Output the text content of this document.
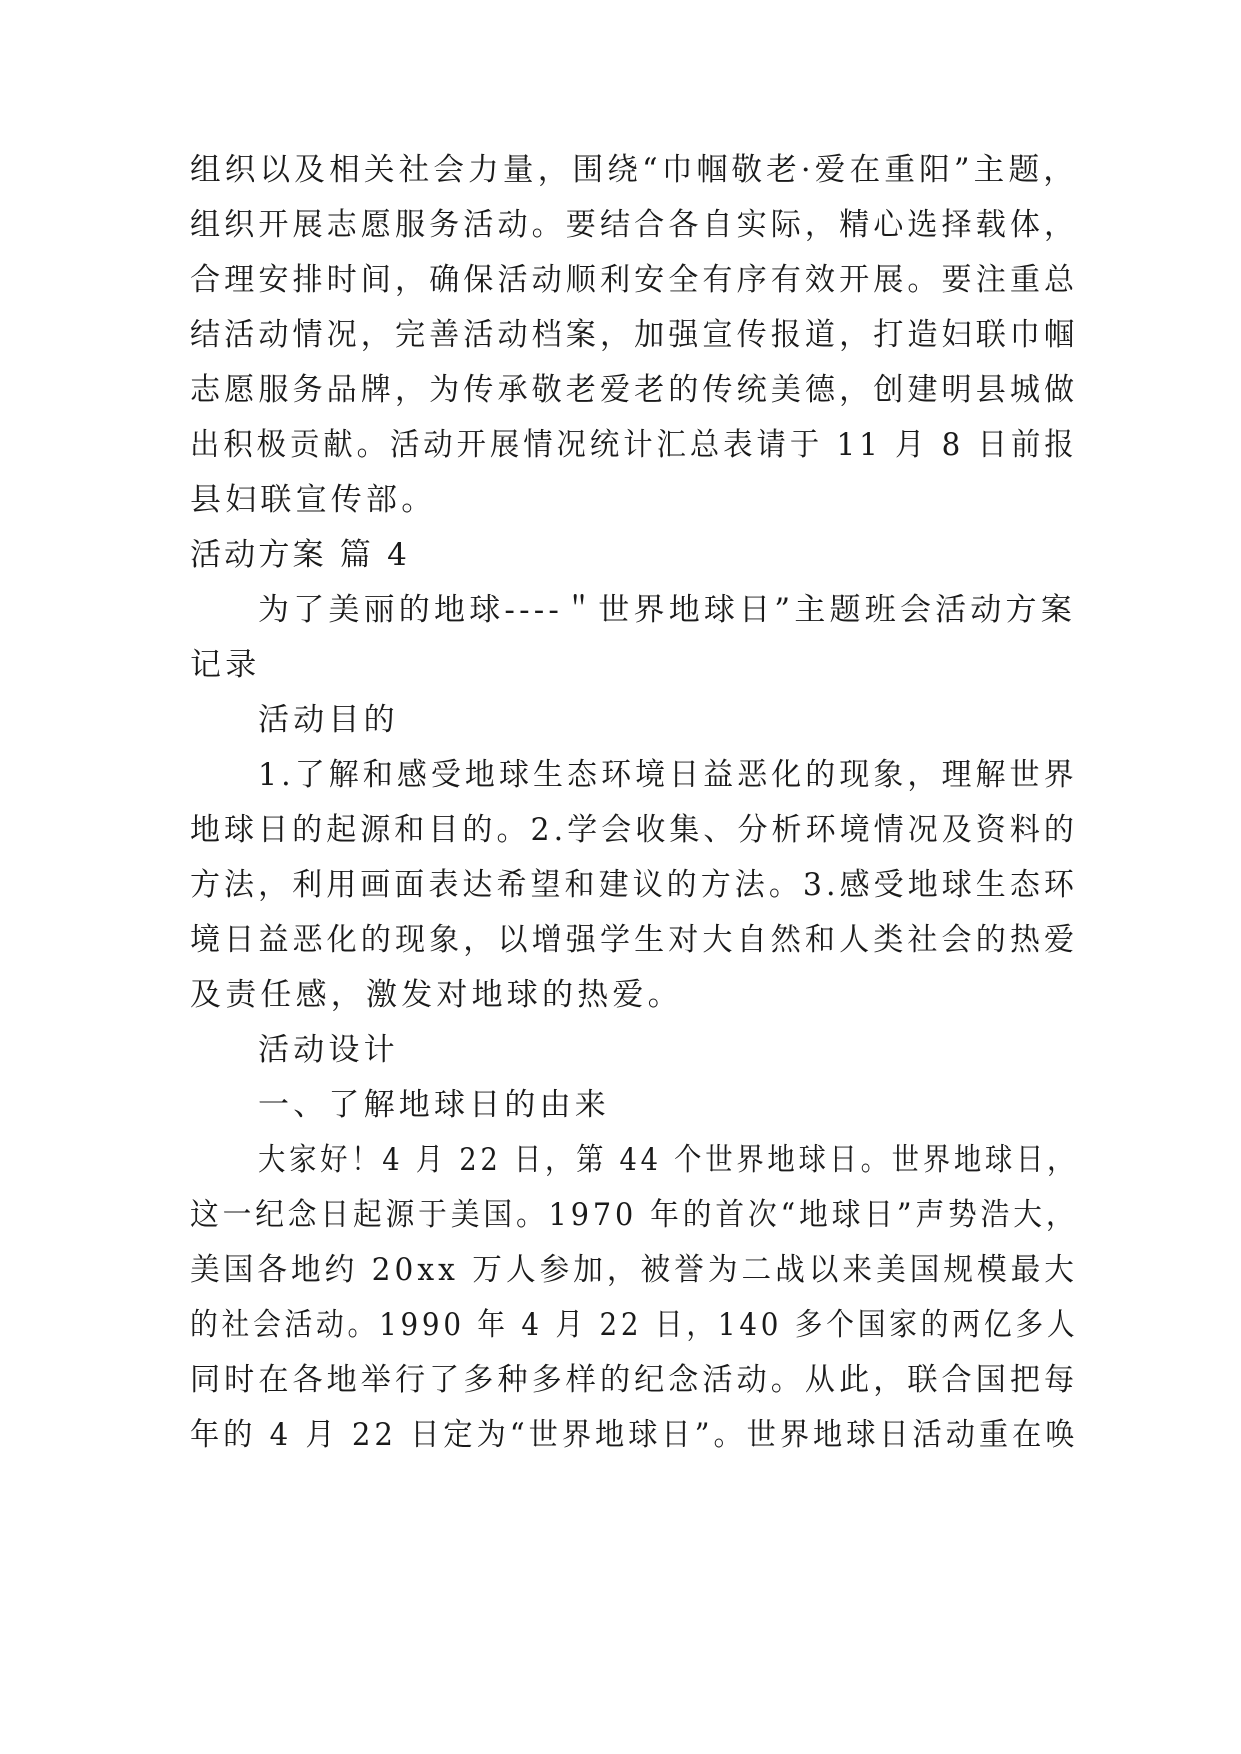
组织以及相关社会力量，围绕“巾帼敬老·爱在重阳”主题，
组织开展志愿服务活动。要结合各自实际，精心选择载体，
合理安排时间，确保活动顺利安全有序有效开展。要注重总
结活动情况，完善活动档案，加强宣传报道，打造妇联巾帼
志愿服务品牌，为传承敬老爱老的传统美德，创建明县城做
出积极贡献。活动开展情况统计汇总表请于 11 月 8 日前报
县妇联宣传部。
活动方案 篇 4
为了美丽的地球----＂世界地球日”主题班会活动方案
记录
活动目的
1.了解和感受地球生态环境日益恶化的现象，理解世界
地球日的起源和目的。2.学会收集、分析环境情况及资料的
方法，利用画面表达希望和建议的方法。3.感受地球生态环
境日益恶化的现象，以增强学生对大自然和人类社会的热爱
及责任感，激发对地球的热爱。
活动设计
一、了解地球日的由来
大家好！4 月 22 日，第 44 个世界地球日。世界地球日，
这一纪念日起源于美国。1970 年的首次“地球日”声势浩大，
美国各地约 20xx 万人参加，被誉为二战以来美国规模最大
的社会活动。1990 年 4 月 22 日，140 多个国家的两亿多人
同时在各地举行了多种多样的纪念活动。从此，联合国把每
年的 4 月 22 日定为“世界地球日”。世界地球日活动重在唤
